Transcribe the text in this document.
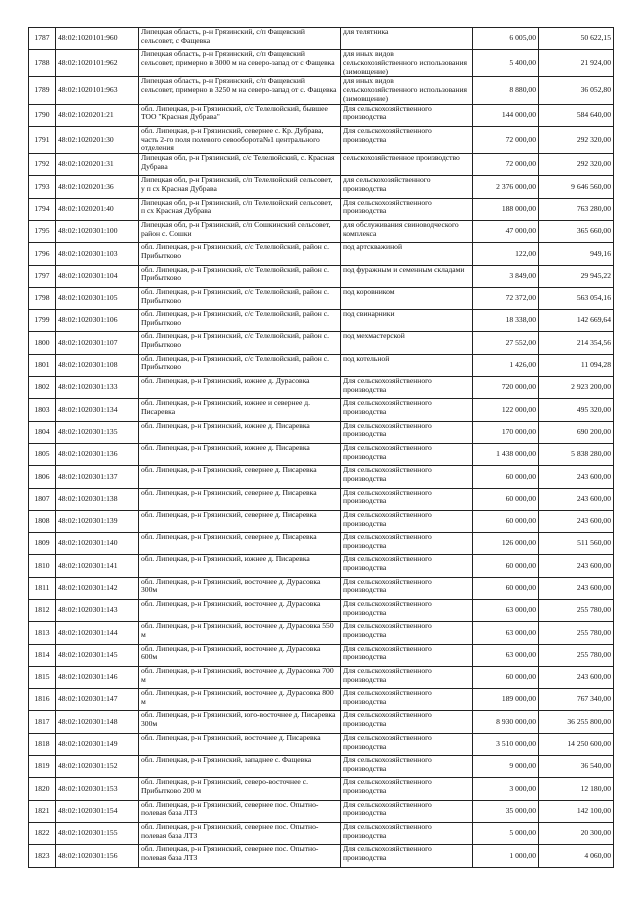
1787	48:02:1020101:960	Липецкая область, р-н Грязинский, с/п Фащевский сельсовет, с Фащевка	для телятника	6 005,00	50 622,15

1788	48:02:1020101:962	Липецкая область, р-н Грязинский, с/п Фащевский сельсовет, примерно в 3000 м на северо-запад от с Фащевка	для иных видов сельскохозяйственного использования (зимовщение)	5 400,00	21 924,00

1789	48:02:1020101:963	Липецкая область, р-н Грязинский, с/п Фащевский сельсовет, примерно в 3250 м на северо-запад от с. Фащевка	для иных видов сельскохозяйственного использования (зимовщение)	8 880,00	36 052,80

1790	48:02:1020201:21	обл. Липецкая, р-н Грязинский, с/с Телелюйский, бывшее ТОО "Красная Дубрава"	Для сельскохозяйственного производства	144 000,00	584 640,00

1791	48:02:1020201:30	обл. Липецкая, р-н Грязинский, севернее с. Кр. Дубрава, часть 2-го поля полевого севооборота№1 центрального отделения	Для сельскохозяйственного производства	72 000,00	292 320,00

1792	48:02:1020201:31	Липецкая обл, р-н Грязинский, с/с Телелюйский, с. Красная Дубрава	сельскохозяйственное производство	72 000,00	292 320,00

1793	48:02:1020201:36	Липецкая обл, р-н Грязинский, с/п Телелюйский сельсовет, у п сх Красная Дубрава	для сельскохозяйственного производства	2 376 000,00	9 646 560,00

1794	48:02:1020201:40	Липецкая обл, р-н Грязинский, с/п Телелюйский сельсовет, п сх Красная Дубрава	Для сельскохозяйственного производства	188 000,00	763 280,00

1795	48:02:1020301:100	Липецкая обл, р-н Грязинский, с/п Сошкинский сельсовет, район с. Сошки	для обслуживания свиноводческого комплекса	47 000,00	365 660,00

1796	48:02:1020301:103	обл. Липецкая, р-н Грязинский, с/с Телелюйский, район с. Прибытково	под артскважиной	122,00	949,16

1797	48:02:1020301:104	обл. Липецкая, р-н Грязинский, с/с Телелюйский, район с. Прибытково	под фуражным и семенным складами	3 849,00	29 945,22

1798	48:02:1020301:105	обл. Липецкая, р-н Грязинский, с/с Телелюйский, район с. Прибытково	под коровником	72 372,00	563 054,16

1799	48:02:1020301:106	обл. Липецкая, р-н Грязинский, с/с Телелюйский, район с. Прибытково	под свинарники	18 338,00	142 669,64

1800	48:02:1020301:107	обл. Липецкая, р-н Грязинский, с/с Телелюйский, район с. Прибытково	под мехмастерской	27 552,00	214 354,56

1801	48:02:1020301:108	обл. Липецкая, р-н Грязинский, с/с Телелюйский, район с. Прибытково	под котельной	1 426,00	11 094,28

1802	48:02:1020301:133	обл. Липецкая, р-н Грязинский, южнее д. Дурасовка	Для сельскохозяйственного производства	720 000,00	2 923 200,00

1803	48:02:1020301:134	обл. Липецкая, р-н Грязинский, южнее и севернее д. Писаревка	Для сельскохозяйственного производства	122 000,00	495 320,00

1804	48:02:1020301:135	обл. Липецкая, р-н Грязинский, южнее д. Писаревка	Для сельскохозяйственного производства	170 000,00	690 200,00

1805	48:02:1020301:136	обл. Липецкая, р-н Грязинский, южнее д. Писаревка	Для сельскохозяйственного производства	1 438 000,00	5 838 280,00

1806	48:02:1020301:137	обл. Липецкая, р-н Грязинский, севернее д. Писаревка	Для сельскохозяйственного производства	60 000,00	243 600,00

1807	48:02:1020301:138	обл. Липецкая, р-н Грязинский, севернее д. Писаревка	Для сельскохозяйственного производства	60 000,00	243 600,00

1808	48:02:1020301:139	обл. Липецкая, р-н Грязинский, севернее д. Писаревка	Для сельскохозяйственного производства	60 000,00	243 600,00

1809	48:02:1020301:140	обл. Липецкая, р-н Грязинский, севернее д. Писаревка	Для сельскохозяйственного производства	126 000,00	511 560,00

1810	48:02:1020301:141	обл. Липецкая, р-н Грязинский, южнее д. Писаревка	Для сельскохозяйственного производства	60 000,00	243 600,00

1811	48:02:1020301:142	обл. Липецкая, р-н Грязинский, восточнее д. Дурасовка 300м	Для сельскохозяйственного производства	60 000,00	243 600,00

1812	48:02:1020301:143	обл. Липецкая, р-н Грязинский, восточнее д. Дурасовка	Для сельскохозяйственного производства	63 000,00	255 780,00

1813	48:02:1020301:144	обл. Липецкая, р-н Грязинский, восточнее д. Дурасовка 550 м	Для сельскохозяйственного производства	63 000,00	255 780,00

1814	48:02:1020301:145	обл. Липецкая, р-н Грязинский, восточнее д. Дурасовка 600м	Для сельскохозяйственного производства	63 000,00	255 780,00

1815	48:02:1020301:146	обл. Липецкая, р-н Грязинский, восточнее д. Дурасовка 700 м	Для сельскохозяйственного производства	60 000,00	243 600,00

1816	48:02:1020301:147	обл. Липецкая, р-н Грязинский, восточнее д. Дурасовка 800 м	Для сельскохозяйственного производства	189 000,00	767 340,00

1817	48:02:1020301:148	обл. Липецкая, р-н Грязинский, юго-восточнее д. Писаревка 300м	Для сельскохозяйственного производства	8 930 000,00	36 255 800,00

1818	48:02:1020301:149	обл. Липецкая, р-н Грязинский, восточнее д. Писаревка	Для сельскохозяйственного производства	3 510 000,00	14 250 600,00

1819	48:02:1020301:152	обл. Липецкая, р-н Грязинский, западнее с. Фащевка	Для сельскохозяйственного производства	9 000,00	36 540,00

1820	48:02:1020301:153	обл. Липецкая, р-н Грязинский, северо-восточнее с. Прибытково 200 м	Для сельскохозяйственного производства	3 000,00	12 180,00

1821	48:02:1020301:154	обл. Липецкая, р-н Грязинский, севернее пос. Опытно-полевая база ЛТЗ	Для сельскохозяйственного производства	35 000,00	142 100,00

1822	48:02:1020301:155	обл. Липецкая, р-н Грязинский, севернее пос. Опытно- полевая база ЛТЗ	Для сельскохозяйственного производства	5 000,00	20 300,00

1823	48:02:1020301:156	обл. Липецкая, р-н Грязинский, севернее пос. Опытно-полевая база ЛТЗ	Для сельскохозяйственного производства	1 000,00	4 060,00
